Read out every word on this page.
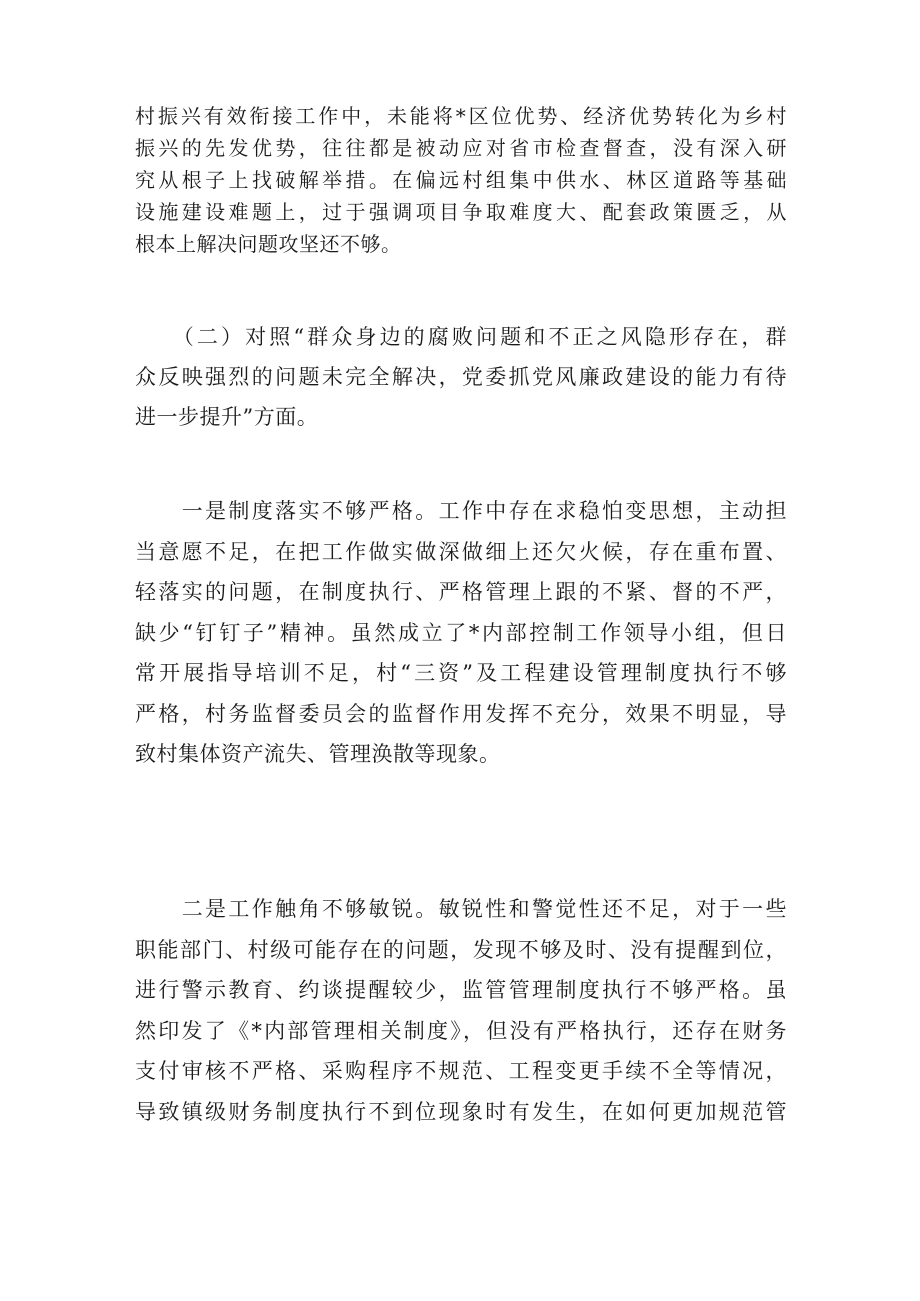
村振兴有效衔接工作中，未能将*区位优势、经济优势转化为乡村
振兴的先发优势，往往都是被动应对省市检查督查，没有深入研
究从根子上找破解举措。在偏远村组集中供水、林区道路等基础
设施建设难题上，过于强调项目争取难度大、配套政策匮乏，从
根本上解决问题攻坚还不够。
　　（二）对照“群众身边的腐败问题和不正之风隐形存在，群
众反映强烈的问题未完全解决，党委抓党风廉政建设的能力有待
进一步提升”方面。
　　一是制度落实不够严格。工作中存在求稳怕变思想，主动担
当意愿不足，在把工作做实做深做细上还欠火候，存在重布置、
轻落实的问题，在制度执行、严格管理上跟的不紧、督的不严，
缺少“钉钉子”精神。虽然成立了*内部控制工作领导小组，但日
常开展指导培训不足，村“三资”及工程建设管理制度执行不够
严格，村务监督委员会的监督作用发挥不充分，效果不明显，导
致村集体资产流失、管理涣散等现象。
　　二是工作触角不够敏锐。敏锐性和警觉性还不足，对于一些
职能部门、村级可能存在的问题，发现不够及时、没有提醒到位，
进行警示教育、约谈提醒较少，监管管理制度执行不够严格。虽
然印发了《*内部管理相关制度》，但没有严格执行，还存在财务
支付审核不严格、采购程序不规范、工程变更手续不全等情况，
导致镇级财务制度执行不到位现象时有发生，在如何更加规范管
